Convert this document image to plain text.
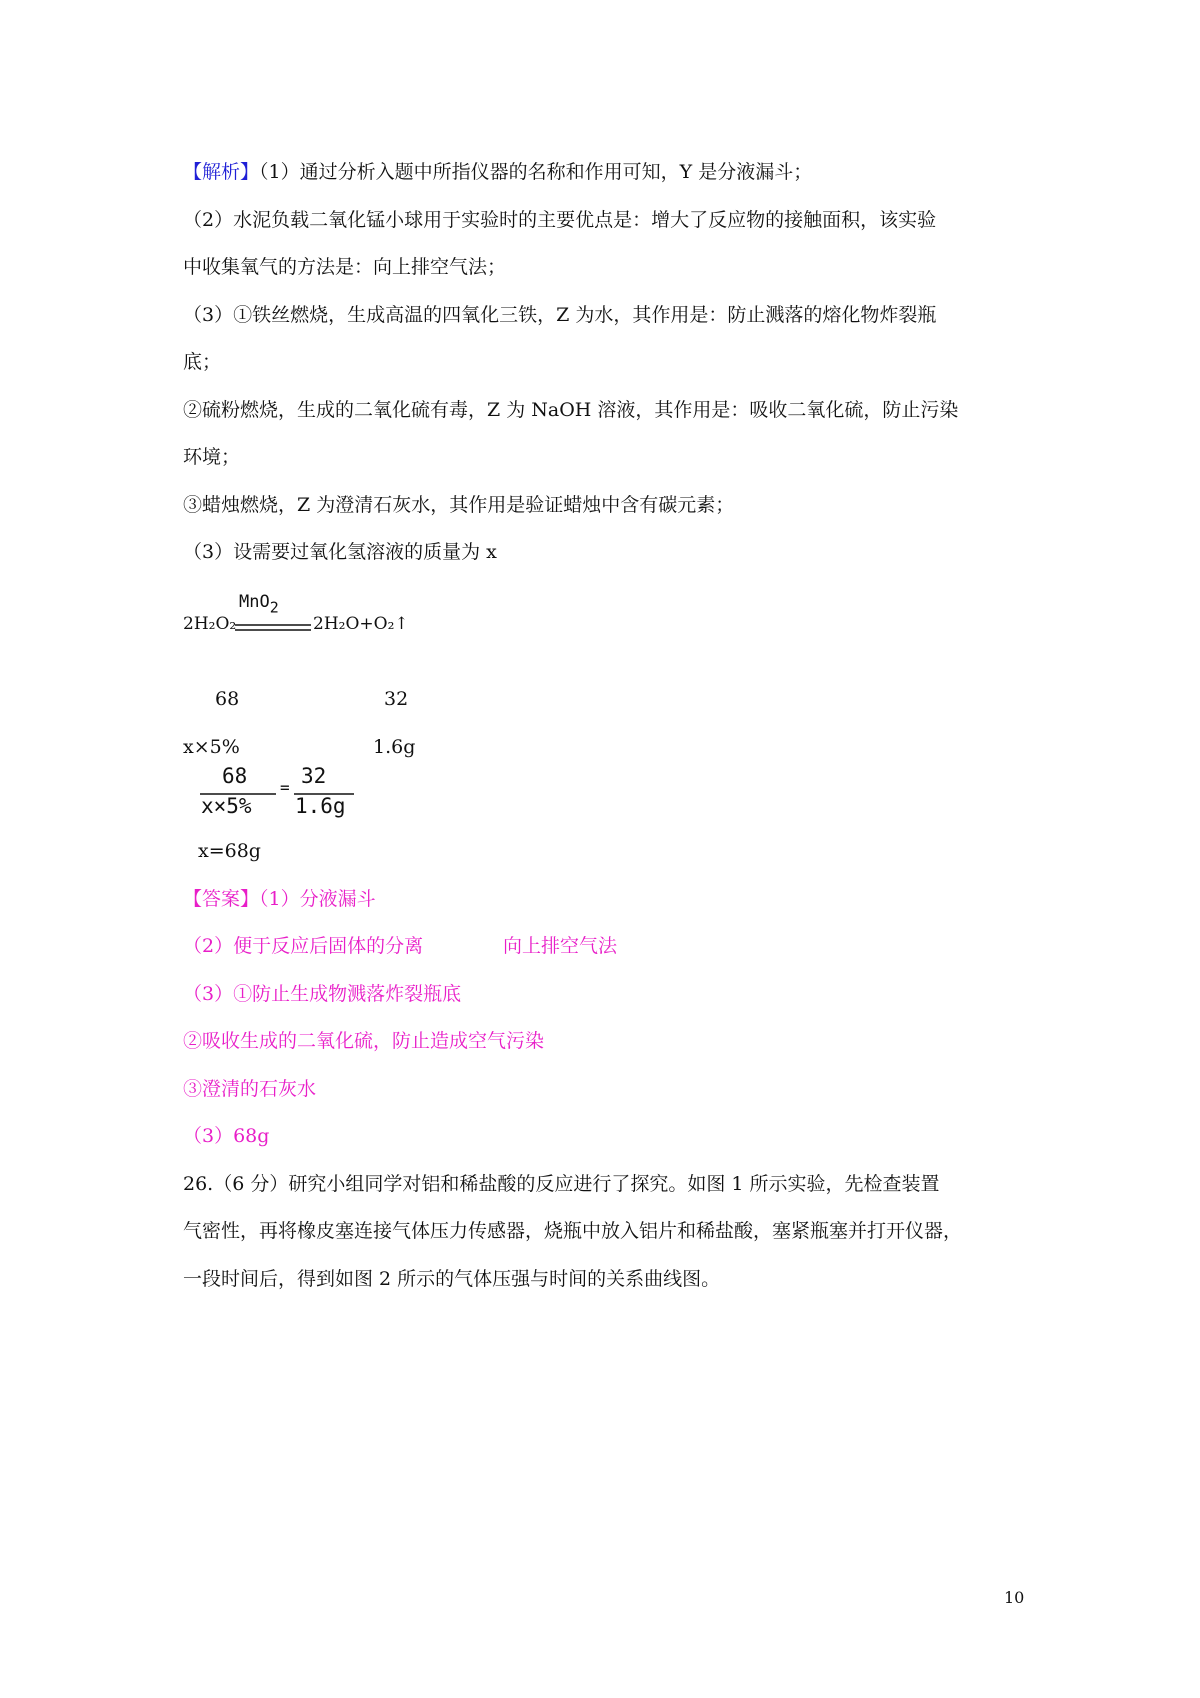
【解析】（1）通过分析入题中所指仪器的名称和作用可知，Y 是分液漏斗；
（2）水泥负载二氧化锰小球用于实验时的主要优点是：增大了反应物的接触面积，该实验
中收集氧气的方法是：向上排空气法；
（3）①铁丝燃烧，生成高温的四氧化三铁，Z 为水，其作用是：防止溅落的熔化物炸裂瓶
底；
②硫粉燃烧，生成的二氧化硫有毒，Z 为 NaOH 溶液，其作用是：吸收二氧化硫，防止污染
环境；
③蜡烛燃烧，Z 为澄清石灰水，其作用是验证蜡烛中含有碳元素；
（3）设需要过氧化氢溶液的质量为 x
MnO$_2$
2H₂O₂	2H₂O+O₂↑
68	32
x×5%	1.6g
68
x×5%
= 32
1.6g
x=68g
【答案】（1）分液漏斗
（2）便于反应后固体的分离	向上排空气法
（3）①防止生成物溅落炸裂瓶底
②吸收生成的二氧化硫，防止造成空气污染
③澄清的石灰水
（3）68g
26.（6 分）研究小组同学对铝和稀盐酸的反应进行了探究。如图 1 所示实验，先检查装置
气密性，再将橡皮塞连接气体压力传感器，烧瓶中放入铝片和稀盐酸，塞紧瓶塞并打开仪器，
一段时间后，得到如图 2 所示的气体压强与时间的关系曲线图。
10
